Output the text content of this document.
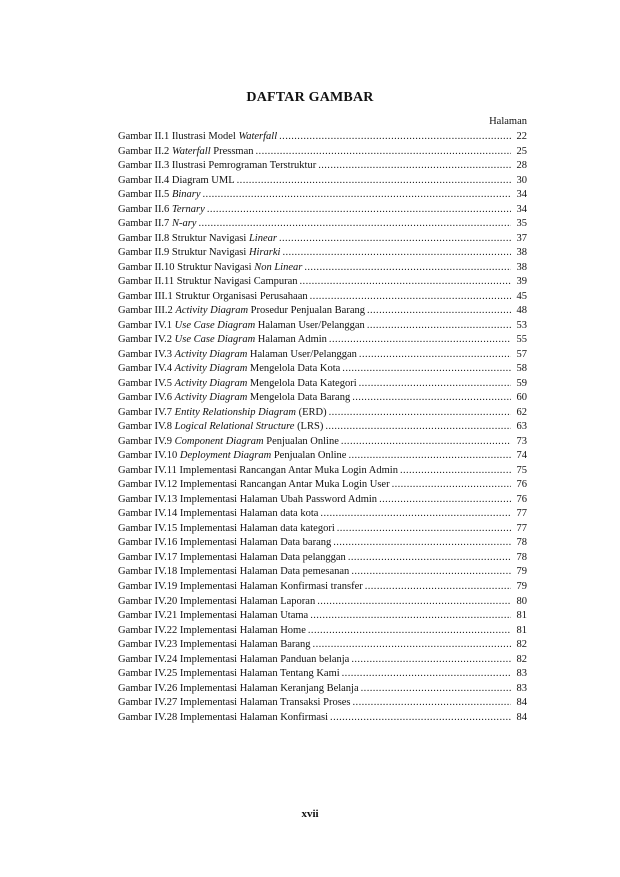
DAFTAR GAMBAR
Halaman
Gambar II.1 Ilustrasi Model Waterfall .....	22
Gambar II.2 Waterfall Pressman .....	25
Gambar II.3 Ilustrasi Pemrograman Terstruktur .....	28
Gambar II.4 Diagram UML .....	30
Gambar II.5 Binary .....	34
Gambar II.6 Ternary .....	34
Gambar II.7 N-ary .....	35
Gambar II.8 Struktur Navigasi Linear .....	37
Gambar II.9 Struktur Navigasi Hirarki .....	38
Gambar II.10 Struktur Navigasi Non Linear .....	38
Gambar II.11 Struktur Navigasi Campuran .....	39
Gambar III.1 Struktur Organisasi Perusahaan .....	45
Gambar III.2 Activity Diagram Prosedur Penjualan Barang .....	48
Gambar IV.1 Use Case Diagram Halaman User/Pelanggan .....	53
Gambar IV.2 Use Case Diagram Halaman Admin .....	55
Gambar IV.3 Activity Diagram Halaman User/Pelanggan .....	57
Gambar IV.4 Activity Diagram Mengelola Data Kota .....	58
Gambar IV.5 Activity Diagram Mengelola Data Kategori .....	59
Gambar IV.6 Activity Diagram Mengelola Data Barang .....	60
Gambar IV.7 Entity Relationship Diagram (ERD) .....	62
Gambar IV.8 Logical Relational Structure (LRS) .....	63
Gambar IV.9 Component Diagram Penjualan Online .....	73
Gambar IV.10 Deployment Diagram Penjualan Online .....	74
Gambar IV.11 Implementasi Rancangan Antar Muka Login Admin .....	75
Gambar IV.12 Implementasi Rancangan Antar Muka Login User .....	76
Gambar IV.13 Implementasi Halaman Ubah Password Admin .....	76
Gambar IV.14 Implementasi Halaman data kota .....	77
Gambar IV.15 Implementasi Halaman data kategori .....	77
Gambar IV.16 Implementasi Halaman Data barang .....	78
Gambar IV.17 Implementasi Halaman Data pelanggan .....	78
Gambar IV.18 Implementasi Halaman Data pemesanan .....	79
Gambar IV.19 Implementasi Halaman Konfirmasi transfer .....	79
Gambar IV.20 Implementasi Halaman Laporan .....	80
Gambar IV.21 Implementasi Halaman Utama .....	81
Gambar IV.22 Implementasi Halaman Home .....	81
Gambar IV.23 Implementasi Halaman Barang .....	82
Gambar IV.24 Implementasi Halaman Panduan belanja .....	82
Gambar IV.25 Implementasi Halaman Tentang Kami .....	83
Gambar IV.26 Implementasi Halaman Keranjang Belanja .....	83
Gambar IV.27 Implementasi Halaman Transaksi Proses .....	84
Gambar IV.28 Implementasi Halaman Konfirmasi .....	84
xvii
